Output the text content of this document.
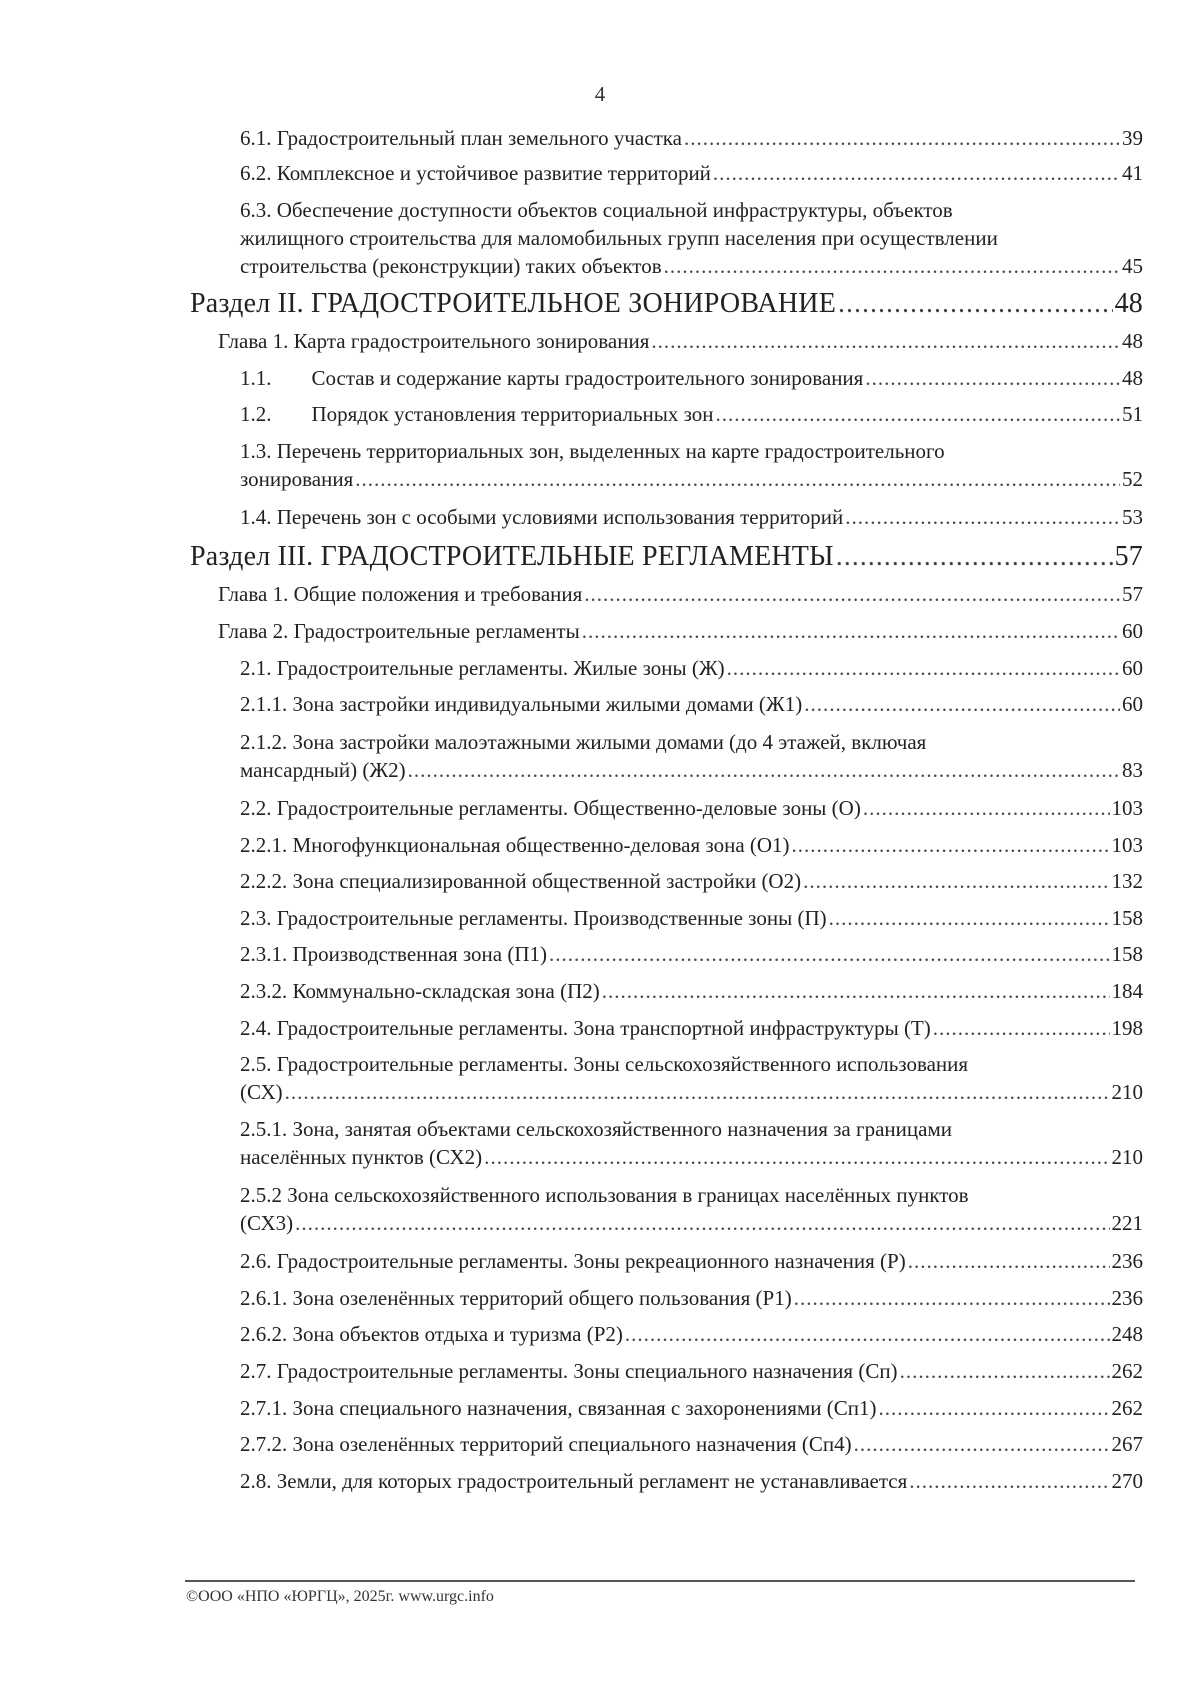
4
6.1. Градостроительный план земельного участка .....	39
6.2. Комплексное и устойчивое развитие территорий .....	41
6.3. Обеспечение доступности объектов социальной инфраструктуры, объектов
жилищного строительства для маломобильных групп населения при осуществлении
строительства (реконструкции) таких объектов .....	45
Раздел II. ГРАДОСТРОИТЕЛЬНОЕ ЗОНИРОВАНИЕ .....	48
Глава 1. Карта градостроительного зонирования .....	48
1.1. Состав и содержание карты градостроительного зонирования .....	48
1.2. Порядок установления территориальных зон .....	51
1.3. Перечень территориальных зон, выделенных на карте градостроительного
зонирования .....	52
1.4. Перечень зон с особыми условиями использования территорий .....	53
Раздел III. ГРАДОСТРОИТЕЛЬНЫЕ РЕГЛАМЕНТЫ .....	57
Глава 1. Общие положения и требования .....	57
Глава 2. Градостроительные регламенты .....	60
2.1. Градостроительные регламенты. Жилые зоны (Ж) .....	60
2.1.1. Зона застройки индивидуальными жилыми домами (Ж1) .....	60
2.1.2. Зона застройки малоэтажными жилыми домами (до 4 этажей, включая
мансардный) (Ж2) .....	83
2.2. Градостроительные регламенты. Общественно-деловые зоны (О) .....	103
2.2.1. Многофункциональная общественно-деловая зона (О1) .....	103
2.2.2. Зона специализированной общественной застройки (О2) .....	132
2.3. Градостроительные регламенты. Производственные зоны (П) .....	158
2.3.1. Производственная зона (П1) .....	158
2.3.2. Коммунально-складская зона (П2) .....	184
2.4. Градостроительные регламенты. Зона транспортной инфраструктуры (Т) .....	198
2.5. Градостроительные регламенты. Зоны сельскохозяйственного использования
(СХ) .....	210
2.5.1. Зона, занятая объектами сельскохозяйственного назначения за границами
населённых пунктов (СХ2) .....	210
2.5.2 Зона сельскохозяйственного использования в границах населённых пунктов
(СХ3) .....	221
2.6. Градостроительные регламенты. Зоны рекреационного назначения (Р) .....	236
2.6.1. Зона озеленённых территорий общего пользования (Р1) .....	236
2.6.2. Зона объектов отдыха и туризма (Р2) .....	248
2.7. Градостроительные регламенты. Зоны специального назначения (Сп) .....	262
2.7.1. Зона специального назначения, связанная с захоронениями (Сп1) .....	262
2.7.2. Зона озеленённых территорий специального назначения (Сп4) .....	267
2.8. Земли, для которых градостроительный регламент не устанавливается .....	270
©ООО «НПО «ЮРГЦ», 2025г. www.urgc.info
